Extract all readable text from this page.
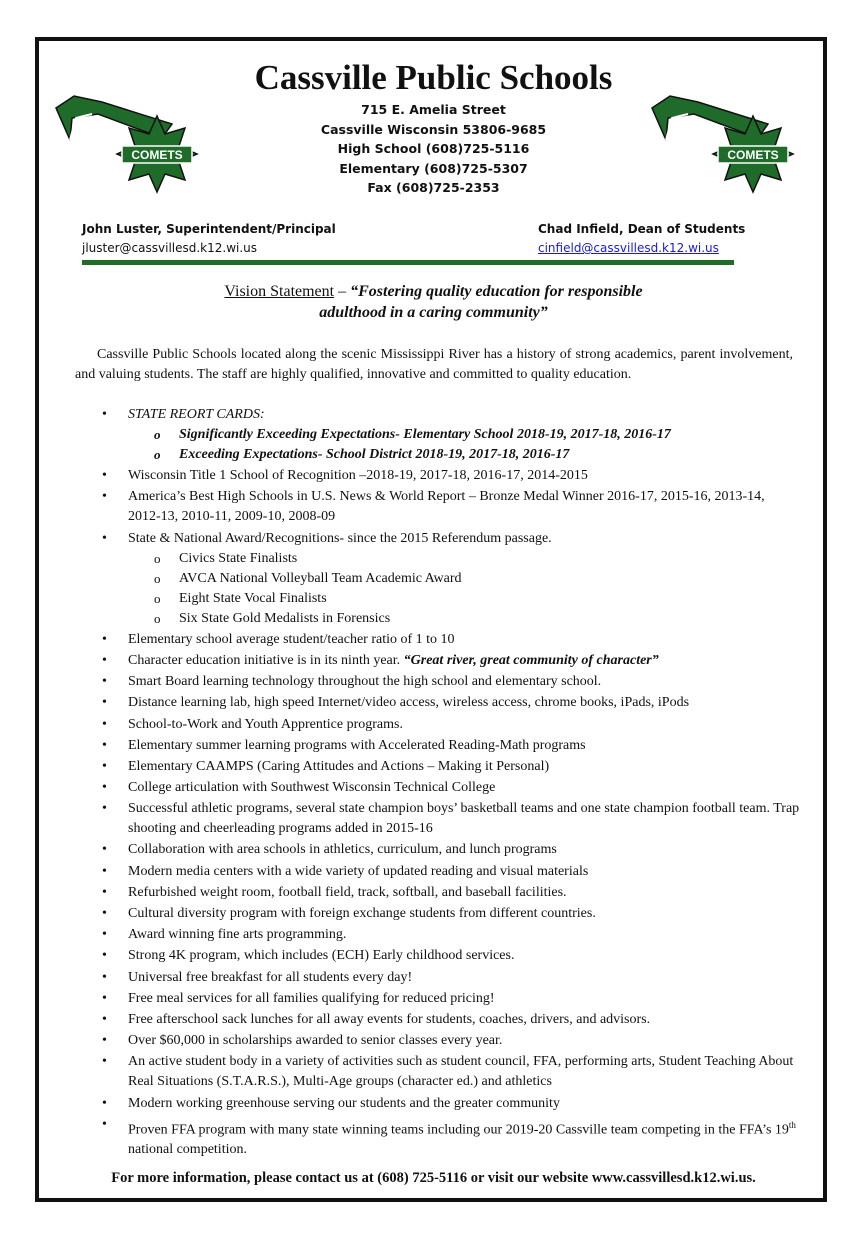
COMETS	COMETS
Cassville Public Schools
715 E. Amelia Street
Cassville Wisconsin 53806-9685
High School (608)725-5116
Elementary (608)725-5307
Fax (608)725-2353
John Luster, Superintendent/Principal
jluster@cassvillesd.k12.wi.us
Chad Infield, Dean of Students
cinfield@cassvillesd.k12.wi.us
Vision Statement – “Fostering quality education for responsible
adulthood in a caring community”
Cassville Public Schools located along the scenic Mississippi River has a history of strong academics, parent involvement, and valuing students. The staff are highly qualified, innovative and committed to quality education.
• STATE REORT CARDS:
o Significantly Exceeding Expectations- Elementary School 2018-19, 2017-18, 2016-17
o Exceeding Expectations- School District 2018-19, 2017-18, 2016-17
• Wisconsin Title 1 School of Recognition –2018-19, 2017-18, 2016-17, 2014-2015
• America’s Best High Schools in U.S. News & World Report – Bronze Medal Winner 2016-17, 2015-16, 2013-14, 2012-13, 2010-11, 2009-10, 2008-09
• State & National Award/Recognitions- since the 2015 Referendum passage.
o Civics State Finalists
o AVCA National Volleyball Team Academic Award
o Eight State Vocal Finalists
o Six State Gold Medalists in Forensics
• Elementary school average student/teacher ratio of 1 to 10
• Character education initiative is in its ninth year. “Great river, great community of character”
• Smart Board learning technology throughout the high school and elementary school.
• Distance learning lab, high speed Internet/video access, wireless access, chrome books, iPads, iPods
• School-to-Work and Youth Apprentice programs.
• Elementary summer learning programs with Accelerated Reading-Math programs
• Elementary CAAMPS (Caring Attitudes and Actions – Making it Personal)
• College articulation with Southwest Wisconsin Technical College
• Successful athletic programs, several state champion boys’ basketball teams and one state champion football team. Trap shooting and cheerleading programs added in 2015-16
• Collaboration with area schools in athletics, curriculum, and lunch programs
• Modern media centers with a wide variety of updated reading and visual materials
• Refurbished weight room, football field, track, softball, and baseball facilities.
• Cultural diversity program with foreign exchange students from different countries.
• Award winning fine arts programming.
• Strong 4K program, which includes (ECH) Early childhood services.
• Universal free breakfast for all students every day!
• Free meal services for all families qualifying for reduced pricing!
• Free afterschool sack lunches for all away events for students, coaches, drivers, and advisors.
• Over $60,000 in scholarships awarded to senior classes every year.
• An active student body in a variety of activities such as student council, FFA, performing arts, Student Teaching About Real Situations (S.T.A.R.S.), Multi-Age groups (character ed.) and athletics
• Modern working greenhouse serving our students and the greater community
• Proven FFA program with many state winning teams including our 2019-20 Cassville team competing in the FFA’s 19th national competition.
For more information, please contact us at (608) 725-5116 or visit our website www.cassvillesd.k12.wi.us.
